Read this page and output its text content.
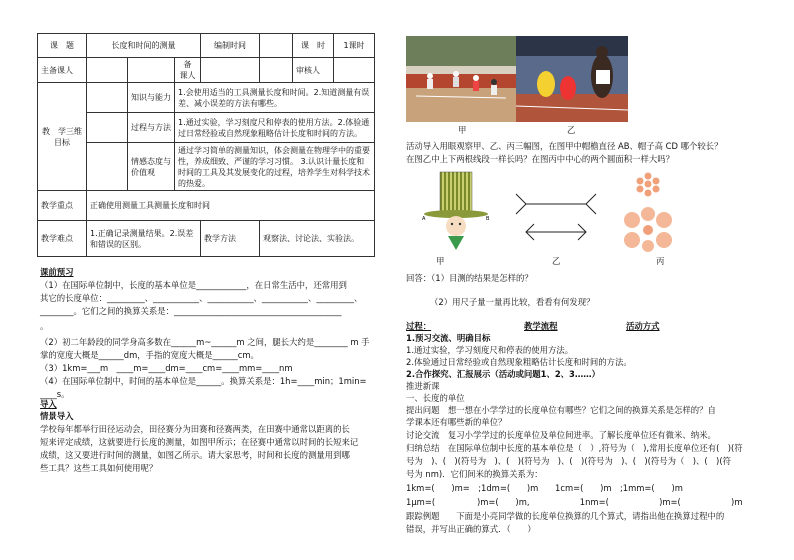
课　题	长度和时间的测量			编制时间		课　时	1课时
主备课人			备　课人			审核人	
教　学三维目标		知识与能力	1.会使用适当的工具测量长度和时间。2.知道测量有误差、减小误差的方法有哪些。				
		过程与方法	1.通过实验，学习刻度尺和停表的使用方法。2.体验通过日常经验或自然现象粗略估计长度和时间的方法。				
		情感态度与价值观	通过学习简单的测量知识，体会测量在物理学中的重要性，养成细致、严谨的学习习惯。 3.认识计量长度和时间的工具及其发展变化的过程，培养学生对科学技术的热爱。				
教学重点	正确使用测量工具测量长度和时间						
教学难点	1.正确记录测量结果。2.误差和错误的区别。			教学方法	观察法、讨论法、实验法。		
课前预习
（1）在国际单位制中，长度的基本单位是____________，在日常生活中，还常用到
其它的长度单位：_________、___________、___________、___________、_________、
________。它们之间的换算关系是：________________________________________
。
（2）初二年龄段的同学身高多数在______m~______m 之间，腿长大约是________ m 手
掌的宽度大概是______dm，手指的宽度大概是______cm。
（3）1km=___m　____m=____dm=____cm=____mm=____nm
（4）在国际单位制中，时间的基本单位是______。换算关系是：1h=____min；1min=
____s。
导入
情景导入
学校每年都举行田径运动会，田径赛分为田赛和径赛两类，在田赛中通常以距离的长
短来评定成绩，这就要进行长度的测量，如图甲所示；在径赛中通常以时间的长短来记
成绩，这又要进行时间的测量，如图乙所示。请大家思考，时间和长度的测量用到哪
些工具？这些工具如何使用呢？
甲	乙
活动导入用眼观察甲、乙、丙三幅图，在图甲中帽檐直径 AB、帽子高 CD 哪个较长？
在图乙中上下两根线段一样长吗？在图丙中中心的两个圆面积一样大吗？
A	B
甲	乙	丙
回答：（1）目测的结果是怎样的？
（2）用尺子量一量再比较，看看有何发现？
过程：	教学流程	活动方式
1.预习交流、明确目标
1.通过实验，学习刻度尺和停表的使用方法。
2.体验通过日常经验或自然现象粗略估计长度和时间的方法。
2.合作探究、汇报展示（活动或问题1、2、3……）
推进新课
一、长度的单位
提出问题　想一想在小学学过的长度单位有哪些？它们之间的换算关系是怎样的？自
学课本还有哪些新的单位？
讨论交流　复习小学学过的长度单位及单位间进率。了解长度单位还有微米、纳米。
归纳总结　在国际单位制中长度的基本单位是（　）,符号为（　),常用长度单位还有(　)(符
号为　)、(　)(符号为　)、(　)(符号为　)、(　)(符号为　)、(　)(符号为（　)、(　)(符
号为 nm)．它们间米的换算关系为：
1km=(　　)m=　;1dm=(　　)m　　1cm=(　　)m　;1mm=(　　)m
1μm=(　　　　　)m=(　　)m,　　　　　　1nm=(　　　　　　)m=(　　　　　　)m
跟踪例题　　下面是小亮同学做的长度单位换算的几个算式，请指出他在换算过程中的
错误，并写出正确的算式．（　　）
